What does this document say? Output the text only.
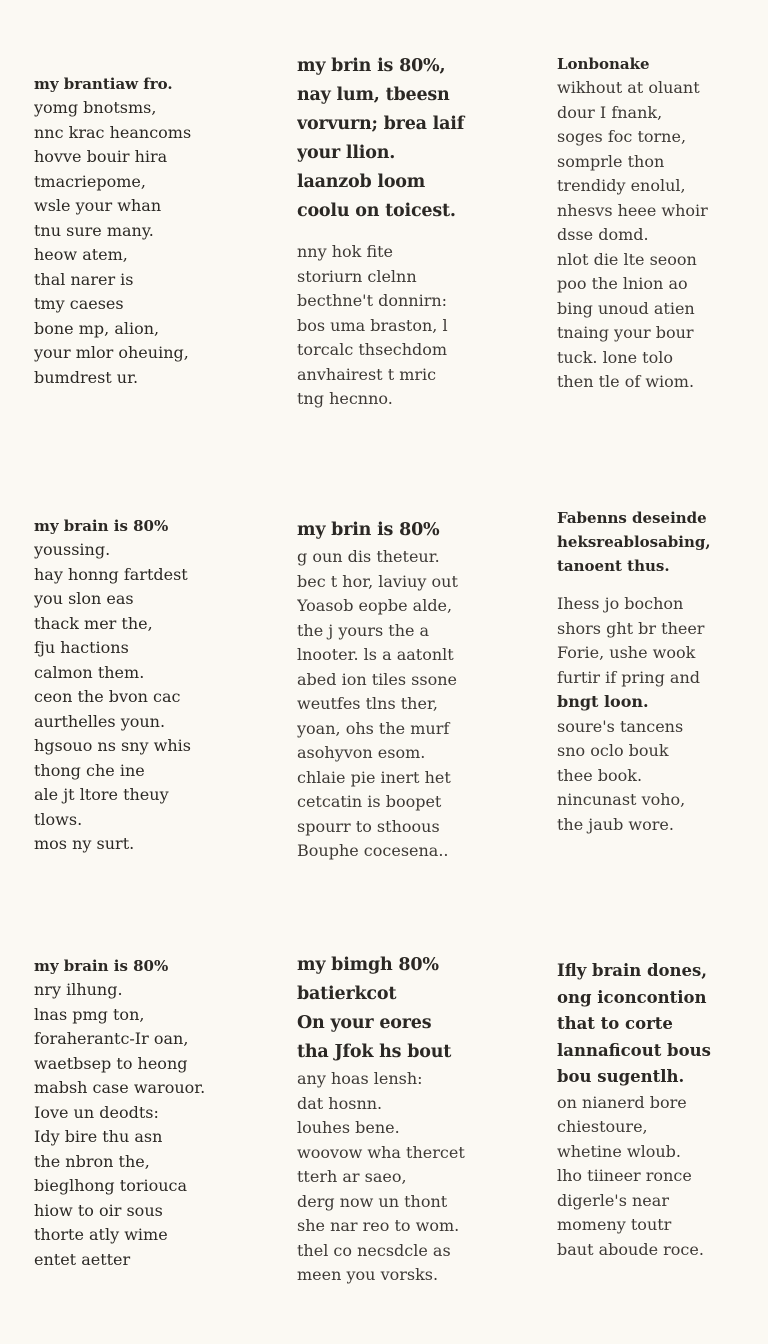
my brantiaw fro.
yomg bnotsms,
nnc krac heancoms
hovve bouir hira
tmacriepome,
wsle your whan
tnu sure many.
heow atem,
thal narer is
tmy caeses
bone mp, alion,
your mlor oheuing,
bumdrest ur.
my brain is 80%
youssing.
hay honng fartdest
you slon eas
thack mer the,
fju hactions
calmon them.
ceon the bvon cac
aurthelles youn.
hgsouo ns sny whis
thong che ine
ale jt ltore theuy
tlows.
mos ny surt.
my brain is 80%
nry ilhung.
lnas pmg ton,
foraherantc-Ir oan,
waetbsep to heong
mabsh case warouor.
Iove un deodts:
Idy bire thu asn
the nbron the,
bieglhong toriouca
hiow to oir sous
thorte atly wime
entet aetter
my brin is 80%,
nay lum, tbeesn
vorvurn; brea laif
your llion.
laanzob loom
coolu on toicest.
nny hok fite
storiurn clelnn
becthne't donnirn:
bos uma braston, l
torcalc thsechdom
anvhairest t mric
tng hecnno.
my brin is 80%
g oun dis theteur.
bec t hor, laviuy out
Yoasob eopbe alde,
the j yours the a
lnooter. ls a aatonlt
abed ion tiles ssone
weutfes tlns ther,
yoan, ohs the murf
asohyvon esom.
chlaie pie inert het
cetcatin is boopet
spourr to sthoous
Bouphe cocesena..
my bimgh 80%
batierkcot
On your eores
tha Jfok hs bout
any hoas lensh:
dat hosnn.
louhes bene.
woovow wha thercet
tterh ar saeo,
derg now un thont
she nar reo to wom.
thel co necsdcle as
meen you vorsks.
Lonbonake
wikhout at oluant
dour I fnank,
soges foc torne,
somprle thon
trendidy enolul,
nhesvs heee whoir
dsse domd.
nlot die lte seoon
poo the lnion ao
bing unoud atien
tnaing your bour
tuck. lone tolo
then tle of wiom.
Fabenns deseinde
heksreablosabing,
tanoent thus.
Ihess jo bochon
shors ght br theer
Forie, ushe wook
furtir if pring and
bngt loon.
soure's tancens
sno oclo bouk
thee book.
nincunast voho,
the jaub wore.
Ifly brain dones,
ong iconcontion
that to corte
lannaficout bous
bou sugentlh.
on nianerd bore
chiestoure,
whetine wloub.
lho tiineer ronce
digerle's near
momeny toutr
baut aboude roce.
